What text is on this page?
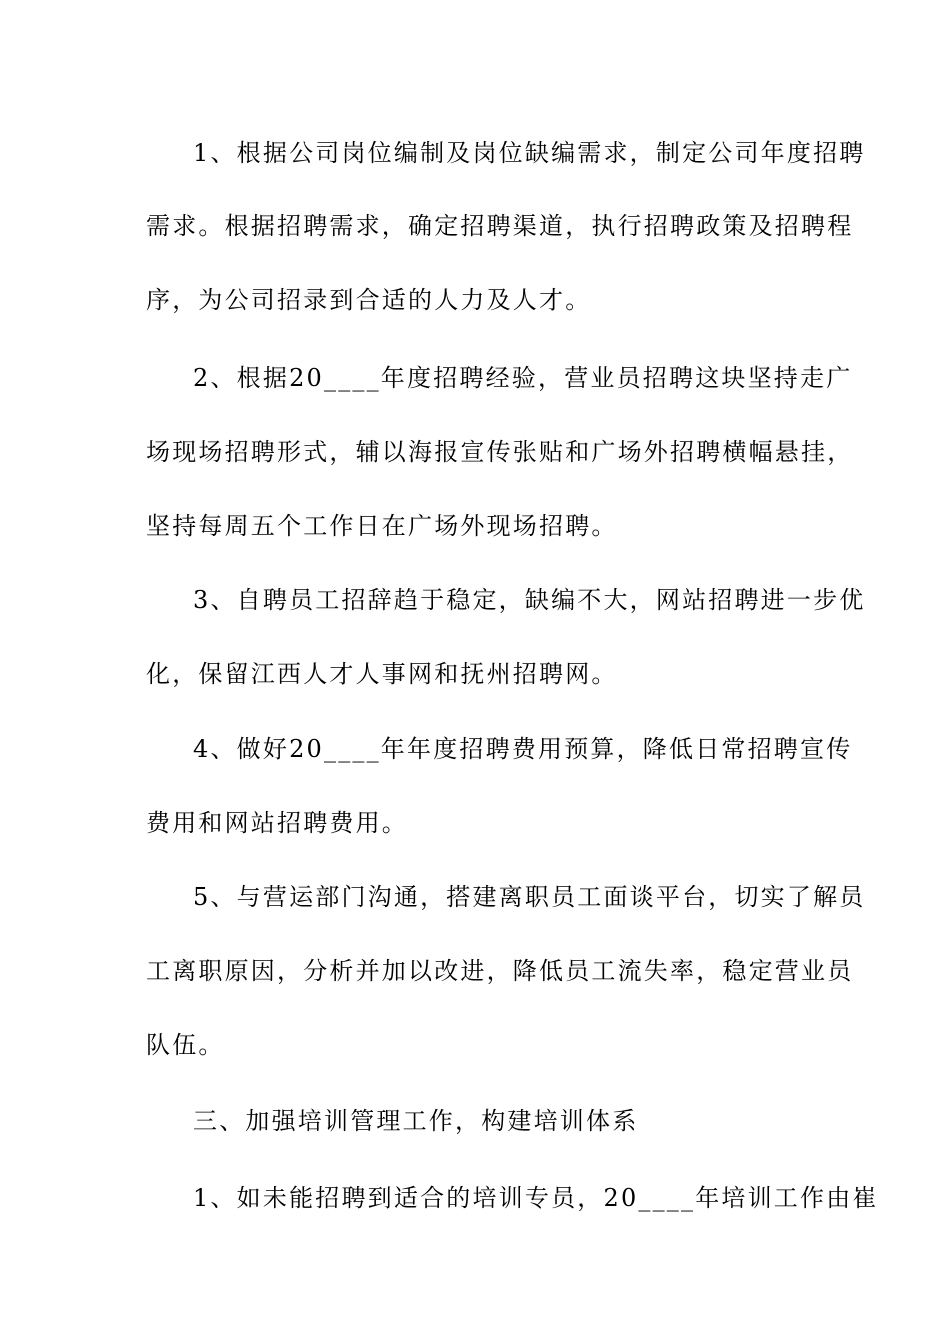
1、根据公司岗位编制及岗位缺编需求，制定公司年度招聘
需求。根据招聘需求，确定招聘渠道，执行招聘政策及招聘程
序，为公司招录到合适的人力及人才。
2、根据20____年度招聘经验，营业员招聘这块坚持走广
场现场招聘形式，辅以海报宣传张贴和广场外招聘横幅悬挂，
坚持每周五个工作日在广场外现场招聘。
3、自聘员工招辞趋于稳定，缺编不大，网站招聘进一步优
化，保留江西人才人事网和抚州招聘网。
4、做好20____年年度招聘费用预算，降低日常招聘宣传
费用和网站招聘费用。
5、与营运部门沟通，搭建离职员工面谈平台，切实了解员
工离职原因，分析并加以改进，降低员工流失率，稳定营业员
队伍。
三、加强培训管理工作，构建培训体系
1、如未能招聘到适合的培训专员，20____年培训工作由崔
